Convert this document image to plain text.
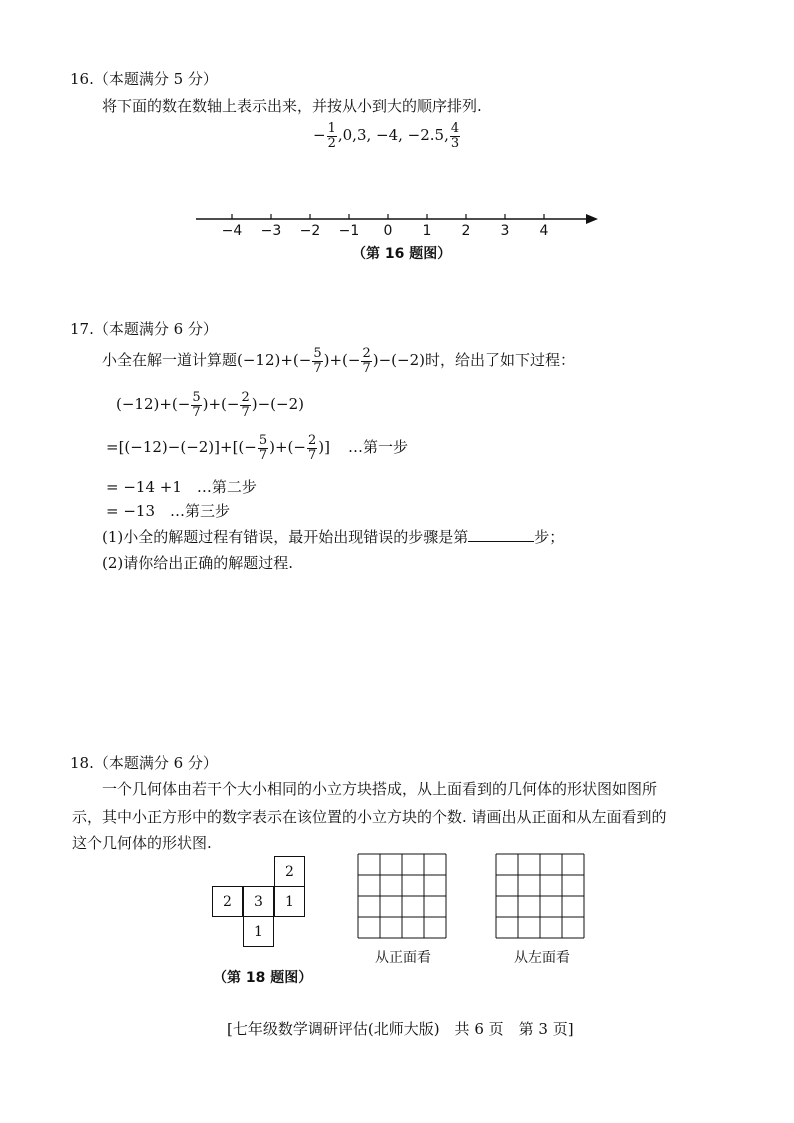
16.（本题满分 5 分）
将下面的数在数轴上表示出来，并按从小到大的顺序排列.
− $\frac{1}{2} ,0,3$, −4, −2.5, $\frac{4}{3}$
−4 −3 −2 −1 0 1 2 3 4
（第 16 题图）
17.（本题满分 6 分）
小全在解一道计算题$(-12)+(- \frac{5}{7}$ )+(− $\frac{2}{7} )-(-2)$时，给出了如下过程：
$(-12)+(- \frac{5}{7}$ )+(− $\frac{2}{7} )-(-2)$
$=[(-12)-(-2)]+[(- \frac{5}{7}$ )+(− $\frac{2}{7}$ )] …第一步
= −14 +1　…第二步
= −13　…第三步
(1)小全的解题过程有错误，最开始出现错误的步骤是第	步；
(2)请你给出正确的解题过程.
18.（本题满分 6 分）
一个几何体由若干个大小相同的小立方块搭成，从上面看到的几何体的形状图如图所
示，其中小正方形中的数字表示在该位置的小立方块的个数. 请画出从正面和从左面看到的
这个几何体的形状图.
2
2	3	1
1
（第 18 题图）
从正面看	从左面看
[七年级数学调研评估(北师大版)　共 6 页　第 3 页]
